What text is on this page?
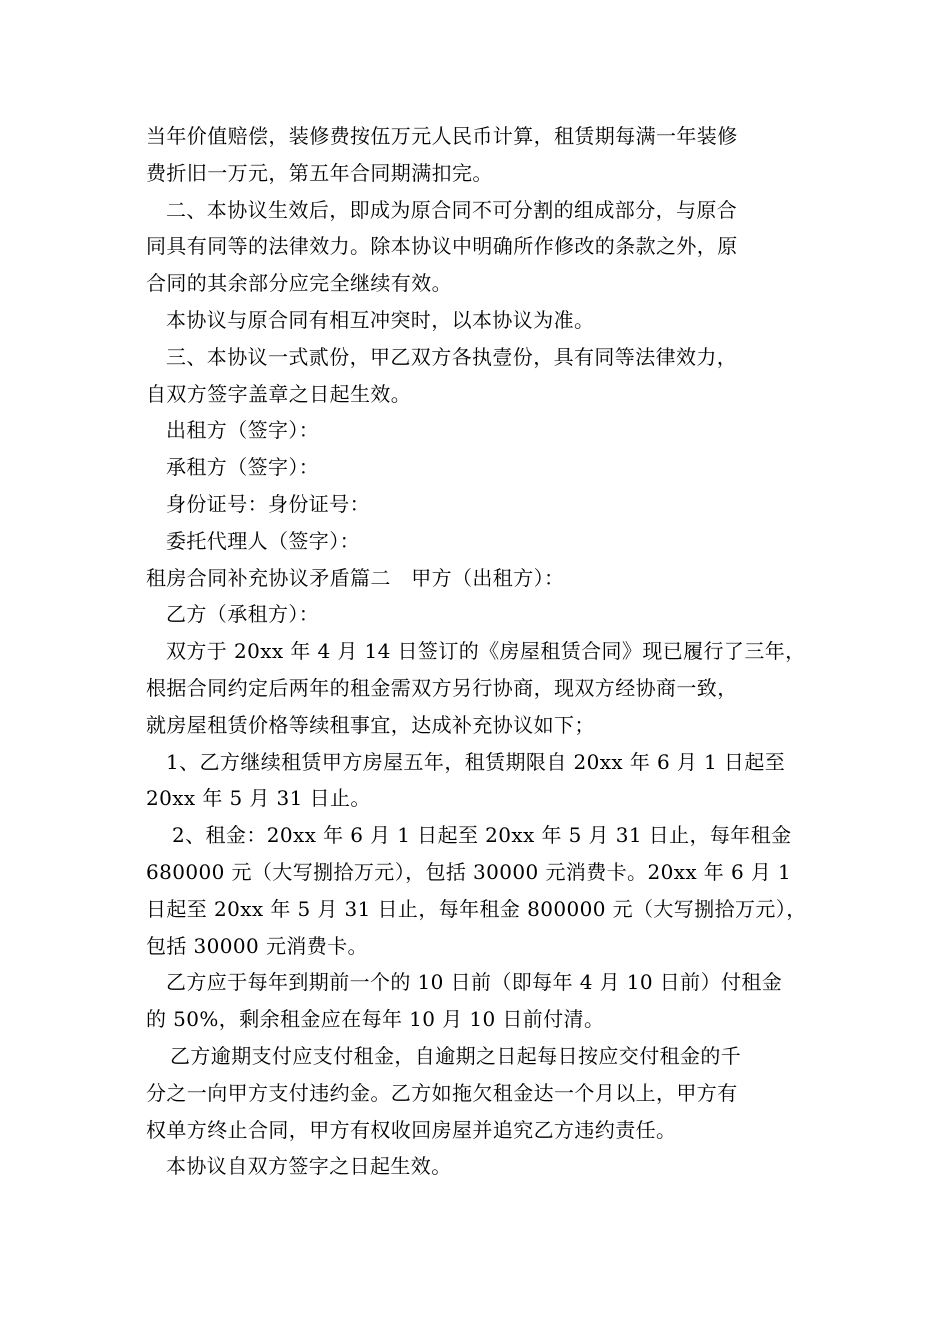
当年价值赔偿，装修费按伍万元人民币计算，租赁期每满一年装修
费折旧一万元，第五年合同期满扣完。
二、本协议生效后，即成为原合同不可分割的组成部分，与原合
同具有同等的法律效力。除本协议中明确所作修改的条款之外，原
合同的其余部分应完全继续有效。
本协议与原合同有相互冲突时，以本协议为准。
三、本协议一式贰份，甲乙双方各执壹份，具有同等法律效力，
自双方签字盖章之日起生效。
出租方（签字）：
承租方（签字）：
身份证号：身份证号：
委托代理人（签字）：
租房合同补充协议矛盾篇二　甲方（出租方）：
乙方（承租方）：
双方于 20xx 年 4 月 14 日签订的《房屋租赁合同》现已履行了三年，
根据合同约定后两年的租金需双方另行协商，现双方经协商一致，
就房屋租赁价格等续租事宜，达成补充协议如下；
1、乙方继续租赁甲方房屋五年，租赁期限自 20xx 年 6 月 1 日起至
20xx 年 5 月 31 日止。
2、租金：20xx 年 6 月 1 日起至 20xx 年 5 月 31 日止，每年租金
680000 元（大写捌拾万元），包括 30000 元消费卡。20xx 年 6 月 1
日起至 20xx 年 5 月 31 日止，每年租金 800000 元（大写捌拾万元），
包括 30000 元消费卡。
乙方应于每年到期前一个的 10 日前（即每年 4 月 10 日前）付租金
的 50%，剩余租金应在每年 10 月 10 日前付清。
乙方逾期支付应支付租金，自逾期之日起每日按应交付租金的千
分之一向甲方支付违约金。乙方如拖欠租金达一个月以上，甲方有
权单方终止合同，甲方有权收回房屋并追究乙方违约责任。
本协议自双方签字之日起生效。
